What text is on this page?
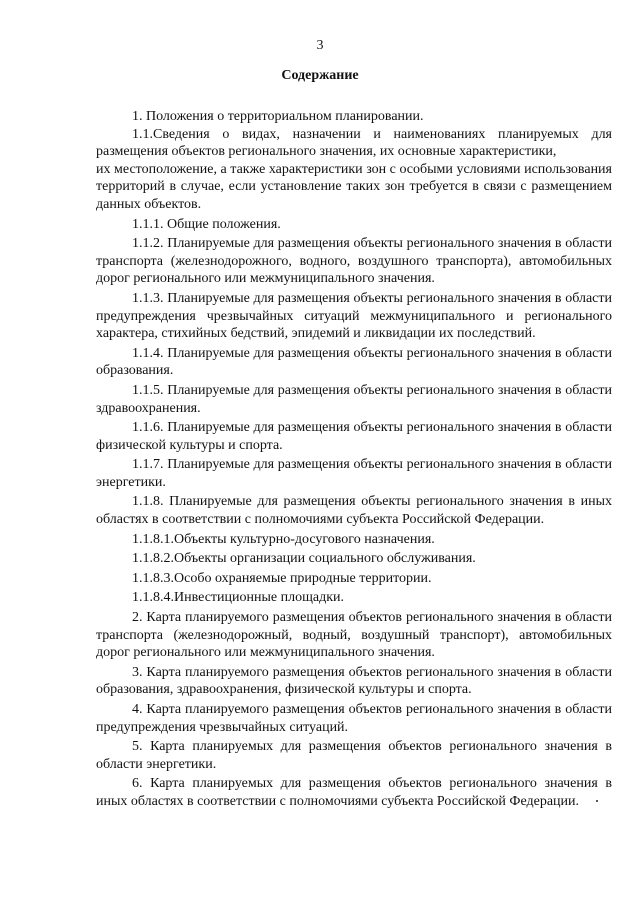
3
Содержание

1. Положения о территориальном планировании.

1.1.Сведения о видах, назначении и наименованиях планируемых для размещения объектов регионального значения, их основные характеристики,

их местоположение, а также характеристики зон с особыми условиями использования территорий в случае, если установление таких зон требуется в связи с размещением данных объектов.

1.1.1. Общие положения.

1.1.2. Планируемые для размещения объекты регионального значения в области транспорта (железнодорожного, водного, воздушного транспорта), автомобильных дорог регионального или межмуниципального значения.

1.1.3. Планируемые для размещения объекты регионального значения в области предупреждения чрезвычайных ситуаций межмуниципального и регионального характера, стихийных бедствий, эпидемий и ликвидации их последствий.

1.1.4. Планируемые для размещения объекты регионального значения в области образования.

1.1.5. Планируемые для размещения объекты регионального значения в области здравоохранения.

1.1.6. Планируемые для размещения объекты регионального значения в области физической культуры и спорта.

1.1.7. Планируемые для размещения объекты регионального значения в области энергетики.

1.1.8. Планируемые для размещения объекты регионального значения в иных областях в соответствии с полномочиями субъекта Российской Федерации.

1.1.8.1.Объекты культурно-досугового назначения.

1.1.8.2.Объекты организации социального обслуживания.

1.1.8.3.Особо охраняемые природные территории.

1.1.8.4.Инвестиционные площадки.

2. Карта планируемого размещения объектов регионального значения в области транспорта (железнодорожный, водный, воздушный транспорт), автомобильных дорог регионального или межмуниципального значения.

3. Карта планируемого размещения объектов регионального значения в области образования, здравоохранения, физической культуры и спорта.

4. Карта планируемого размещения объектов регионального значения в области предупреждения чрезвычайных ситуаций.

5. Карта планируемых для размещения объектов регионального значения в области энергетики.

6. Карта планируемых для размещения объектов регионального значения в иных областях в соответствии с полномочиями субъекта Российской Федерации.
